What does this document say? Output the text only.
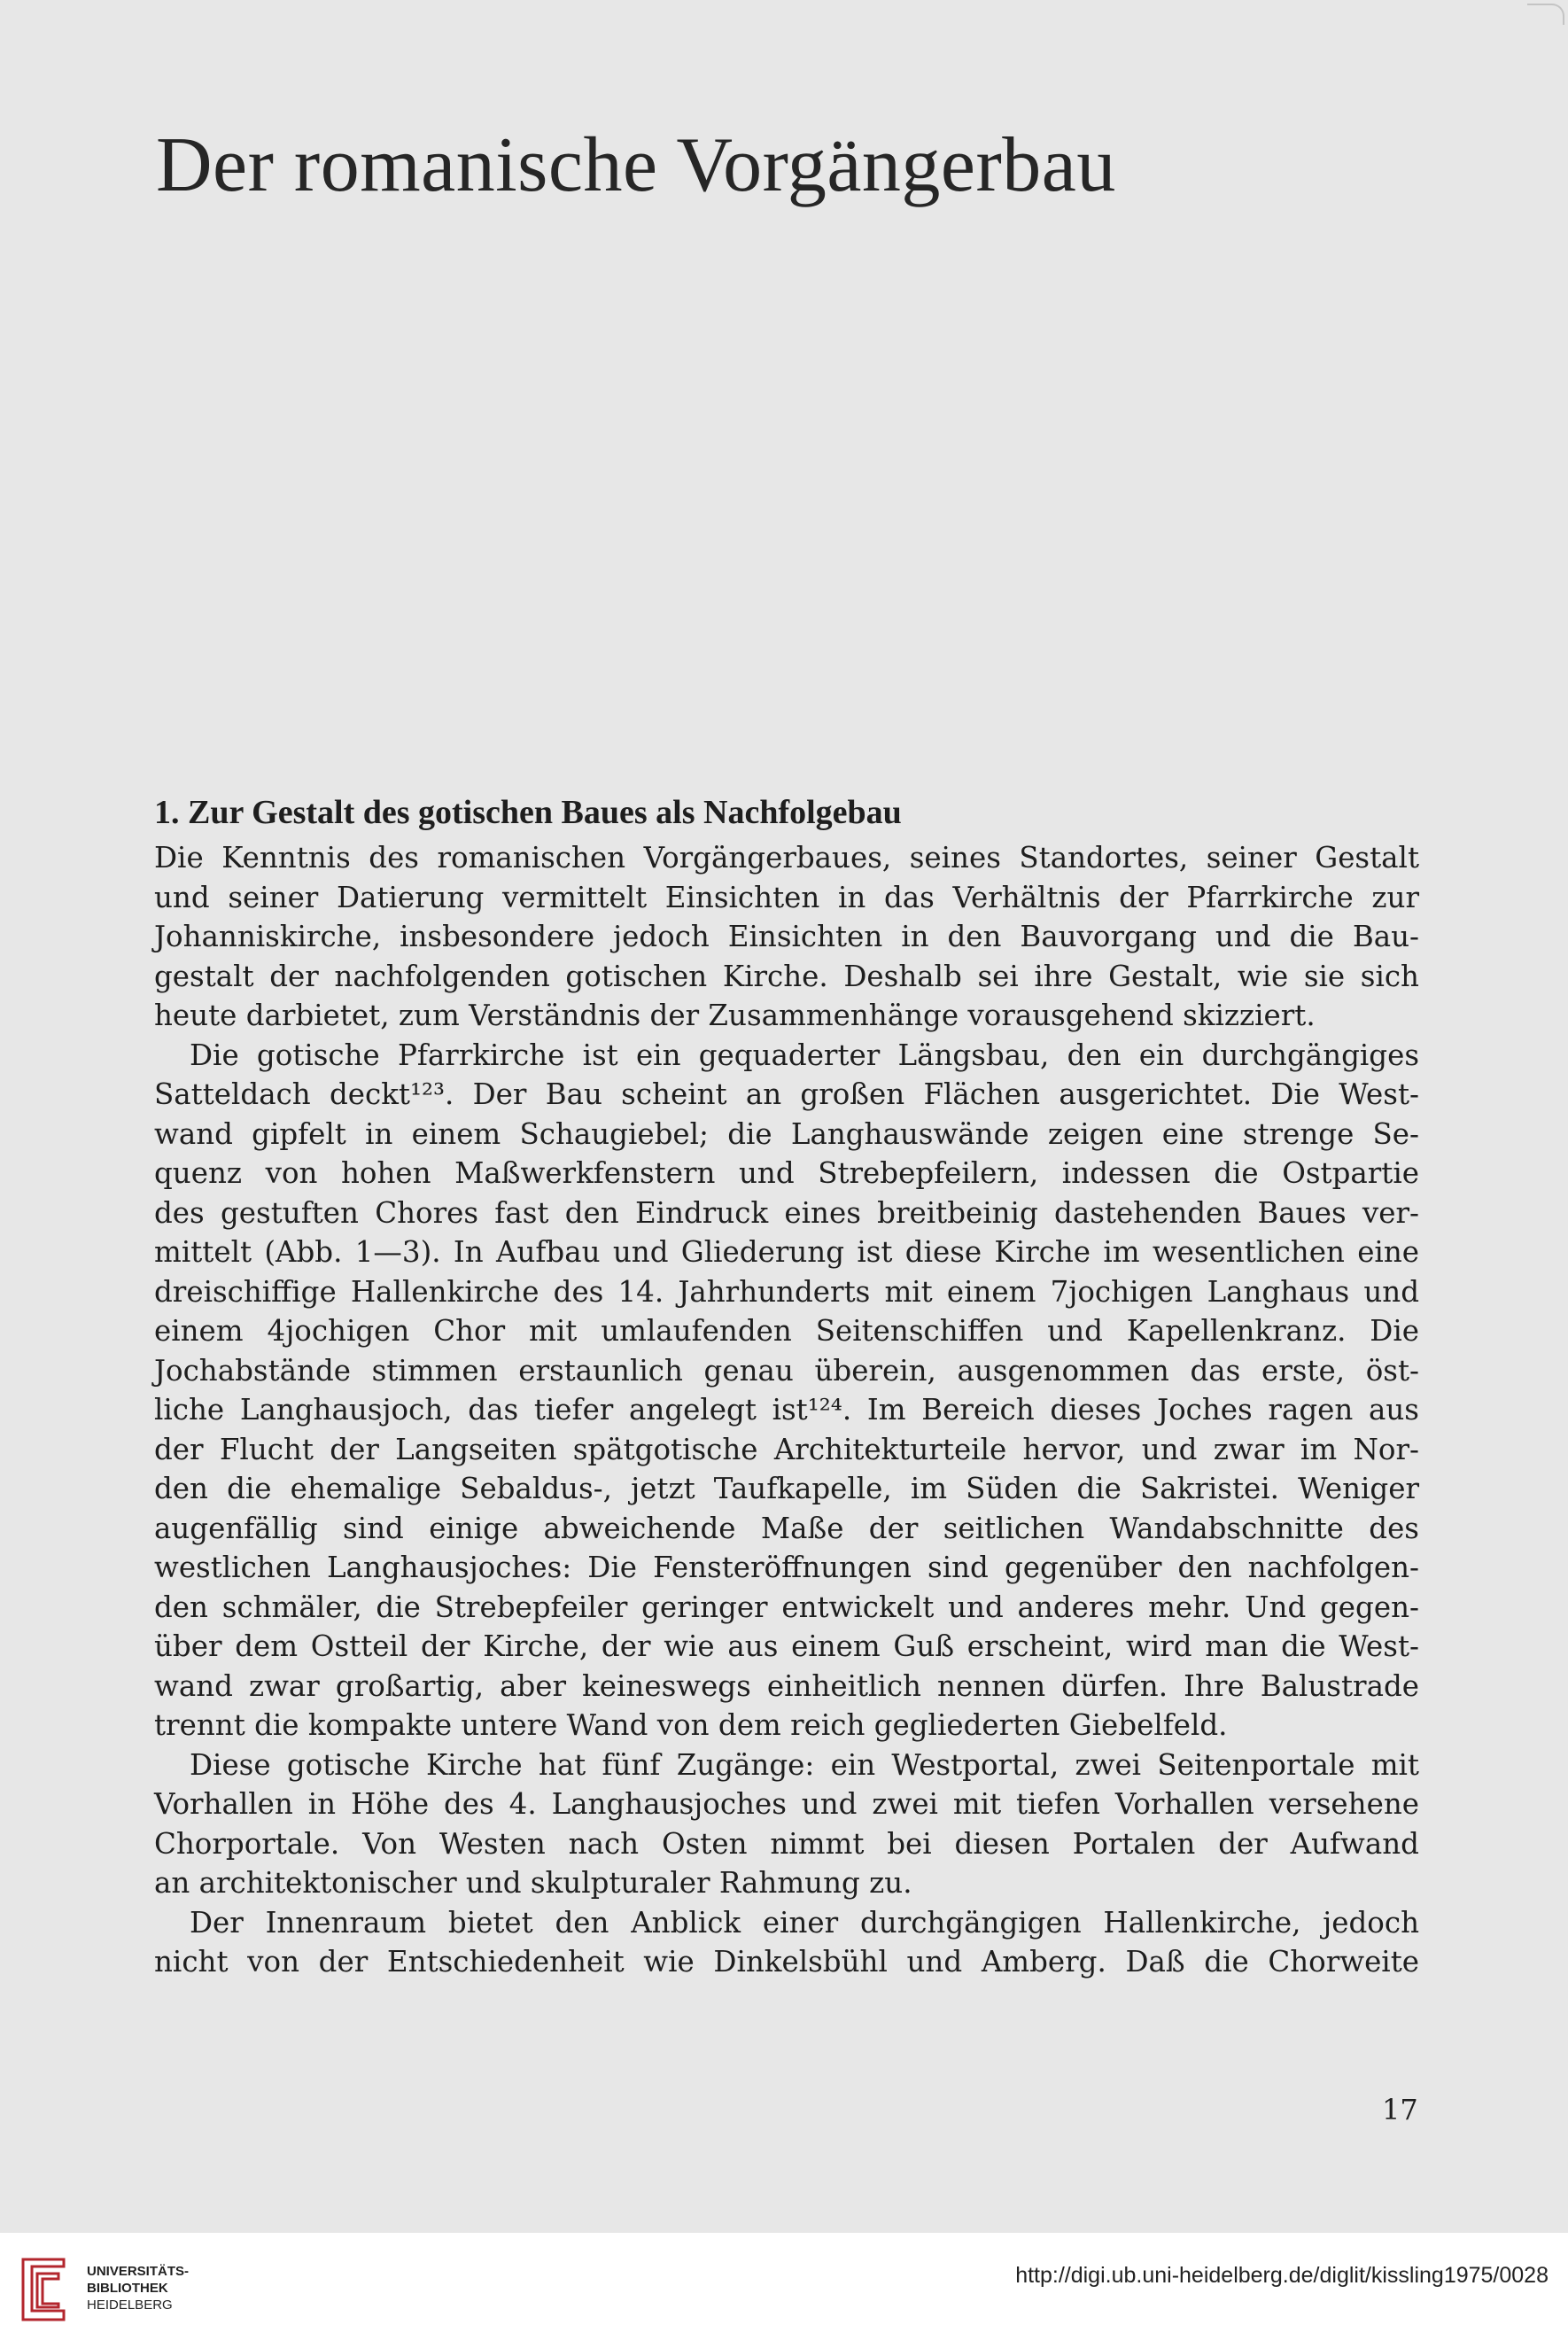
Der romanische Vorgängerbau
1. Zur Gestalt des gotischen Baues als Nachfolgebau

Die Kenntnis des romanischen Vorgängerbaues, seines Standortes, seiner Gestalt
und seiner Datierung vermittelt Einsichten in das Verhältnis der Pfarrkirche zur
Johanniskirche, insbesondere jedoch Einsichten in den Bauvorgang und die Bau-
gestalt der nachfolgenden gotischen Kirche. Deshalb sei ihre Gestalt, wie sie sich
heute darbietet, zum Verständnis der Zusammenhänge vorausgehend skizziert.

Die gotische Pfarrkirche ist ein gequaderter Längsbau, den ein durchgängiges
Satteldach deckt¹²³. Der Bau scheint an großen Flächen ausgerichtet. Die West-
wand gipfelt in einem Schaugiebel; die Langhauswände zeigen eine strenge Se-
quenz von hohen Maßwerkfenstern und Strebepfeilern, indessen die Ostpartie
des gestuften Chores fast den Eindruck eines breitbeinig dastehenden Baues ver-
mittelt (Abb. 1—3). In Aufbau und Gliederung ist diese Kirche im wesentlichen eine
dreischiffige Hallenkirche des 14. Jahrhunderts mit einem 7jochigen Langhaus und
einem 4jochigen Chor mit umlaufenden Seitenschiffen und Kapellenkranz. Die
Jochabstände stimmen erstaunlich genau überein, ausgenommen das erste, öst-
liche Langhausjoch, das tiefer angelegt ist¹²⁴. Im Bereich dieses Joches ragen aus
der Flucht der Langseiten spätgotische Architekturteile hervor, und zwar im Nor-
den die ehemalige Sebaldus-, jetzt Taufkapelle, im Süden die Sakristei. Weniger
augenfällig sind einige abweichende Maße der seitlichen Wandabschnitte des
westlichen Langhausjoches: Die Fensteröffnungen sind gegenüber den nachfolgen-
den schmäler, die Strebepfeiler geringer entwickelt und anderes mehr. Und gegen-
über dem Ostteil der Kirche, der wie aus einem Guß erscheint, wird man die West-
wand zwar großartig, aber keineswegs einheitlich nennen dürfen. Ihre Balustrade
trennt die kompakte untere Wand von dem reich gegliederten Giebelfeld.

Diese gotische Kirche hat fünf Zugänge: ein Westportal, zwei Seitenportale mit
Vorhallen in Höhe des 4. Langhausjoches und zwei mit tiefen Vorhallen versehene
Chorportale. Von Westen nach Osten nimmt bei diesen Portalen der Aufwand
an architektonischer und skulpturaler Rahmung zu.

Der Innenraum bietet den Anblick einer durchgängigen Hallenkirche, jedoch
nicht von der Entschiedenheit wie Dinkelsbühl und Amberg. Daß die Chorweite

17
UNIVERSITÄTS-
BIBLIOTHEK
HEIDELBERG
http://digi.ub.uni-heidelberg.de/diglit/kissling1975/0028
